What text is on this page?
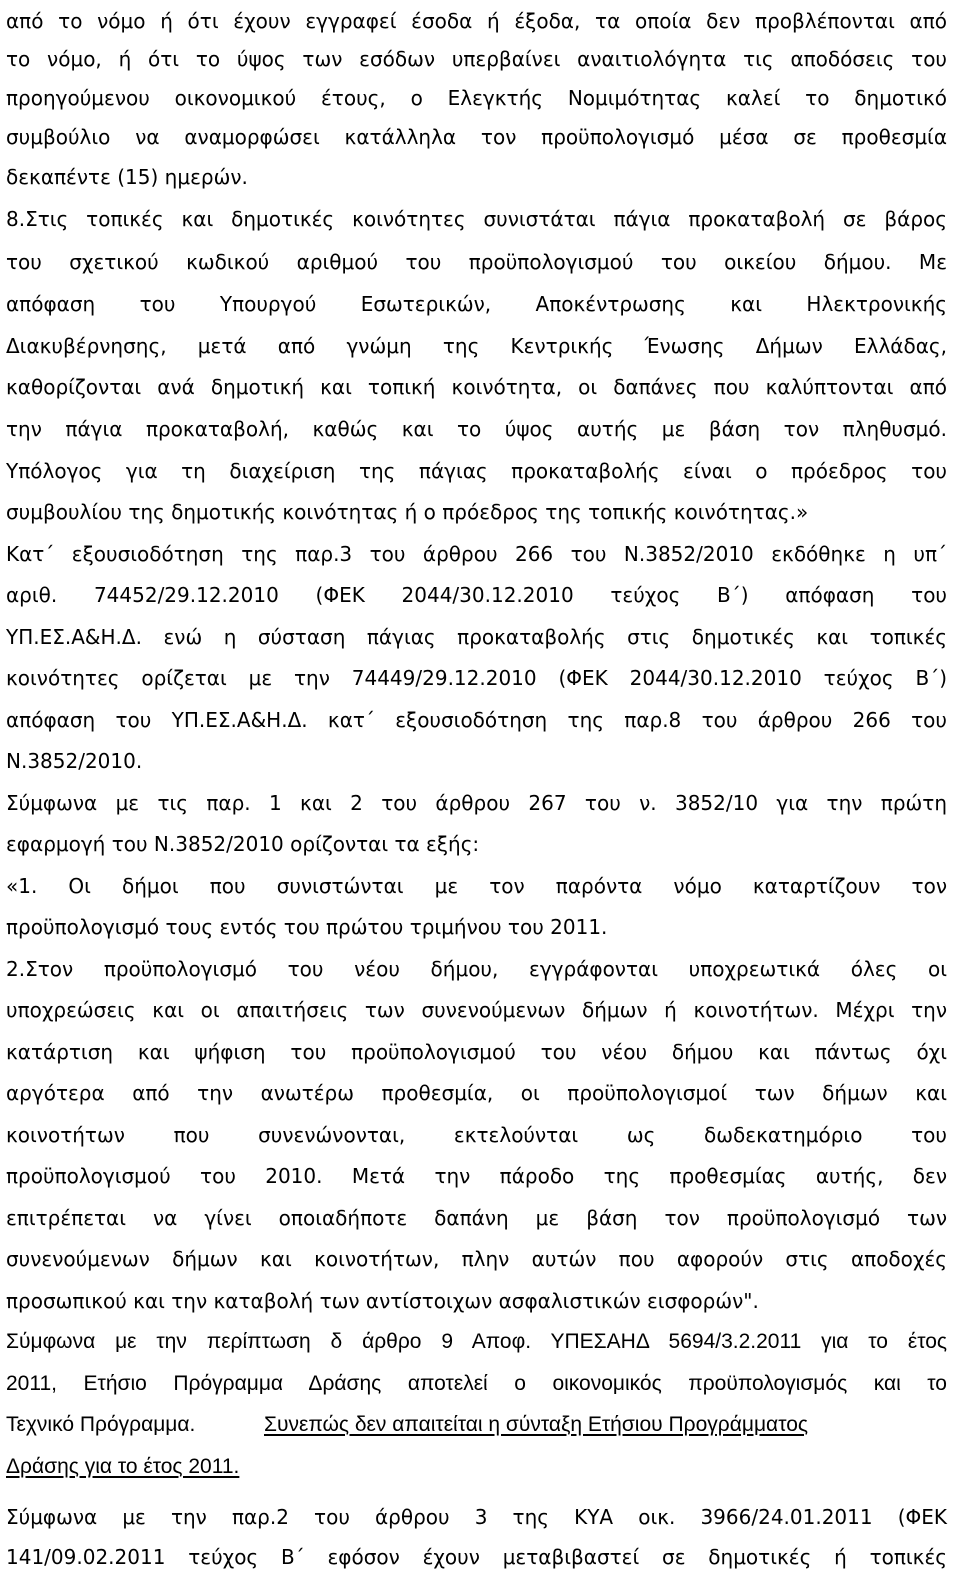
από το νόμο ή ότι έχουν εγγραφεί έσοδα ή έξοδα, τα οποία δεν προβλέπονται από
το νόμο, ή ότι το ύψος των εσόδων υπερβαίνει αναιτιολόγητα τις αποδόσεις του
προηγούμενου οικονομικού έτους, ο Ελεγκτής Νομιμότητας καλεί το δημοτικό
συμβούλιο να αναμορφώσει κατάλληλα τον προϋπολογισμό μέσα σε προθεσμία
δεκαπέντε (15) ημερών.
8.Στις τοπικές και δημοτικές κοινότητες συνιστάται πάγια προκαταβολή σε βάρος
του σχετικού κωδικού αριθμού του προϋπολογισμού του οικείου δήμου. Με
απόφαση του Υπουργού Εσωτερικών, Αποκέντρωσης και Ηλεκτρονικής
Διακυβέρνησης, μετά από γνώμη της Κεντρικής Ένωσης Δήμων Ελλάδας,
καθορίζονται ανά δημοτική και τοπική κοινότητα, οι δαπάνες που καλύπτονται από
την πάγια προκαταβολή, καθώς και το ύψος αυτής με βάση τον πληθυσμό.
Υπόλογος για τη διαχείριση της πάγιας προκαταβολής είναι ο πρόεδρος του
συμβουλίου της δημοτικής κοινότητας ή ο πρόεδρος της τοπικής κοινότητας.»
Κατ΄ εξουσιοδότηση της παρ.3 του άρθρου 266 του Ν.3852/2010 εκδόθηκε η υπ΄
αριθ. 74452/29.12.2010 (ΦΕΚ 2044/30.12.2010 τεύχος Β΄) απόφαση του
ΥΠ.ΕΣ.Α&Η.Δ. ενώ η σύσταση πάγιας προκαταβολής στις δημοτικές και τοπικές
κοινότητες ορίζεται με την 74449/29.12.2010 (ΦΕΚ 2044/30.12.2010 τεύχος Β΄)
απόφαση του ΥΠ.ΕΣ.Α&Η.Δ. κατ΄ εξουσιοδότηση της παρ.8 του άρθρου 266 του
Ν.3852/2010.
Σύμφωνα με τις παρ. 1 και 2 του άρθρου 267 του ν. 3852/10 για την πρώτη
εφαρμογή του Ν.3852/2010 ορίζονται τα εξής:
«1. Οι δήμοι που συνιστώνται με τον παρόντα νόμο καταρτίζουν τον
προϋπολογισμό τους εντός του πρώτου τριμήνου του 2011.
2.Στον προϋπολογισμό του νέου δήμου, εγγράφονται υποχρεωτικά όλες οι
υποχρεώσεις και οι απαιτήσεις των συνενούμενων δήμων ή κοινοτήτων. Μέχρι την
κατάρτιση και ψήφιση του προϋπολογισμού του νέου δήμου και πάντως όχι
αργότερα από την ανωτέρω προθεσμία, οι προϋπολογισμοί των δήμων και
κοινοτήτων που συνενώνονται, εκτελούνται ως δωδεκατημόριο του
προϋπολογισμού του 2010. Μετά την πάροδο της προθεσμίας αυτής, δεν
επιτρέπεται να γίνει οποιαδήποτε δαπάνη με βάση τον προϋπολογισμό των
συνενούμενων δήμων και κοινοτήτων, πλην αυτών που αφορούν στις αποδοχές
προσωπικού και την καταβολή των αντίστοιχων ασφαλιστικών εισφορών".
Σύμφωνα με την περίπτωση δ άρθρο 9 Αποφ. ΥΠΕΣΑΗΔ 5694/3.2.2011 για το έτος
2011, Ετήσιο Πρόγραμμα Δράσης αποτελεί ο οικονομικός προϋπολογισμός και το
Τεχνικό Πρόγραμμα.	Συνεπώς δεν απαιτείται η σύνταξη Ετήσιου Προγράμματος
Δράσης για το έτος 2011.
Σύμφωνα με την παρ.2 του άρθρου 3 της ΚΥΑ οικ. 3966/24.01.2011 (ΦΕΚ
141/09.02.2011 τεύχος Β΄ εφόσον έχουν μεταβιβαστεί σε δημοτικές ή τοπικές
